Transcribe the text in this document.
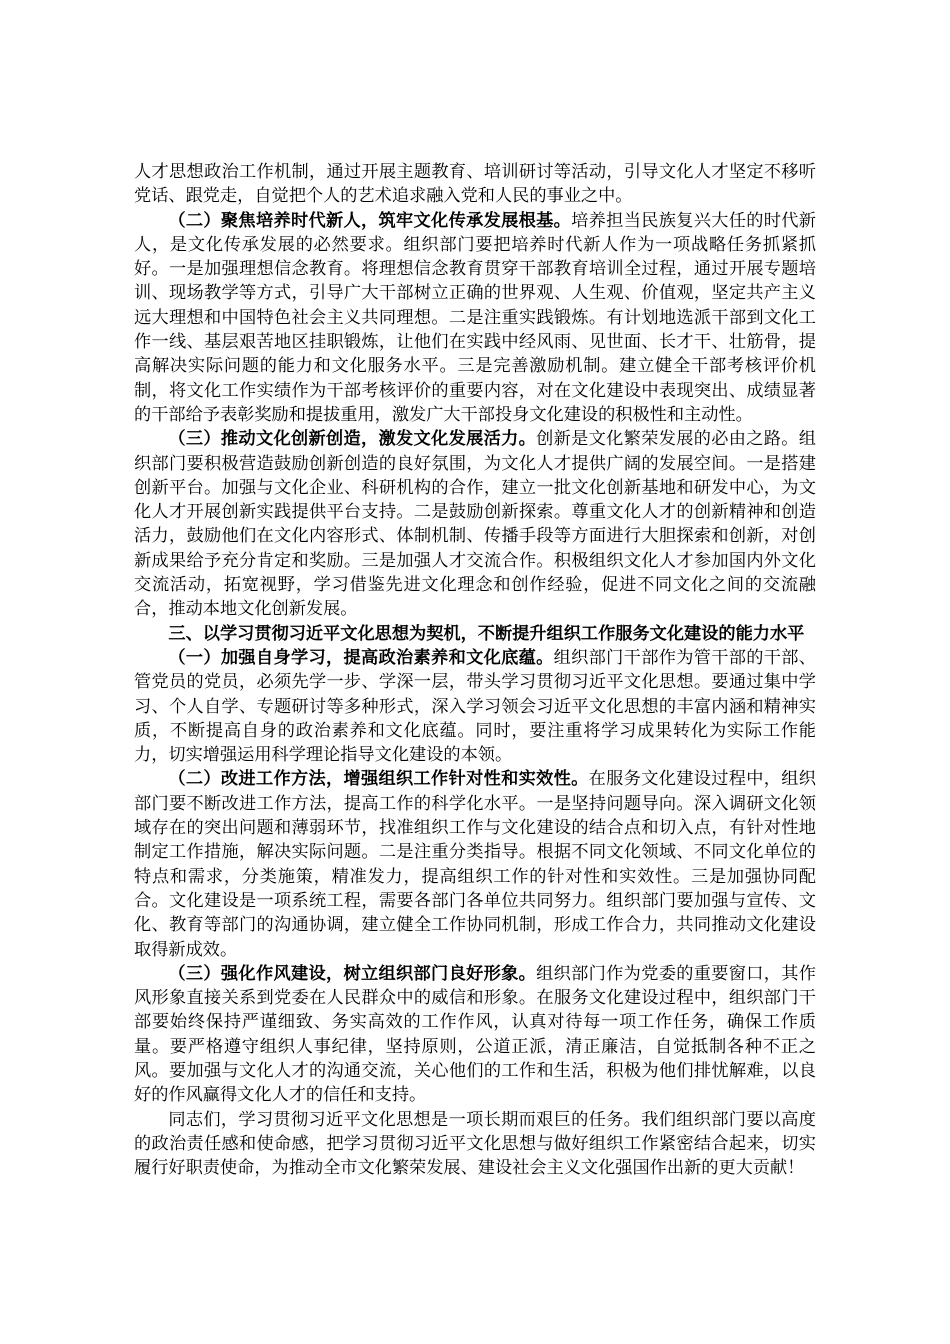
人才思想政治工作机制，通过开展主题教育、培训研讨等活动，引导文化人才坚定不移听党话、跟党走，自觉把个人的艺术追求融入党和人民的事业之中。

（二）聚焦培养时代新人，筑牢文化传承发展根基。培养担当民族复兴大任的时代新人，是文化传承发展的必然要求。组织部门要把培养时代新人作为一项战略任务抓紧抓好。一是加强理想信念教育。将理想信念教育贯穿干部教育培训全过程，通过开展专题培训、现场教学等方式，引导广大干部树立正确的世界观、人生观、价值观，坚定共产主义远大理想和中国特色社会主义共同理想。二是注重实践锻炼。有计划地选派干部到文化工作一线、基层艰苦地区挂职锻炼，让他们在实践中经风雨、见世面、长才干、壮筋骨，提高解决实际问题的能力和文化服务水平。三是完善激励机制。建立健全干部考核评价机制，将文化工作实绩作为干部考核评价的重要内容，对在文化建设中表现突出、成绩显著的干部给予表彰奖励和提拔重用，激发广大干部投身文化建设的积极性和主动性。

（三）推动文化创新创造，激发文化发展活力。创新是文化繁荣发展的必由之路。组织部门要积极营造鼓励创新创造的良好氛围，为文化人才提供广阔的发展空间。一是搭建创新平台。加强与文化企业、科研机构的合作，建立一批文化创新基地和研发中心，为文化人才开展创新实践提供平台支持。二是鼓励创新探索。尊重文化人才的创新精神和创造活力，鼓励他们在文化内容形式、体制机制、传播手段等方面进行大胆探索和创新，对创新成果给予充分肯定和奖励。三是加强人才交流合作。积极组织文化人才参加国内外文化交流活动，拓宽视野，学习借鉴先进文化理念和创作经验，促进不同文化之间的交流融合，推动本地文化创新发展。

三、以学习贯彻习近平文化思想为契机，不断提升组织工作服务文化建设的能力水平

（一）加强自身学习，提高政治素养和文化底蕴。组织部门干部作为管干部的干部、管党员的党员，必须先学一步、学深一层，带头学习贯彻习近平文化思想。要通过集中学习、个人自学、专题研讨等多种形式，深入学习领会习近平文化思想的丰富内涵和精神实质，不断提高自身的政治素养和文化底蕴。同时，要注重将学习成果转化为实际工作能力，切实增强运用科学理论指导文化建设的本领。

（二）改进工作方法，增强组织工作针对性和实效性。在服务文化建设过程中，组织部门要不断改进工作方法，提高工作的科学化水平。一是坚持问题导向。深入调研文化领域存在的突出问题和薄弱环节，找准组织工作与文化建设的结合点和切入点，有针对性地制定工作措施，解决实际问题。二是注重分类指导。根据不同文化领域、不同文化单位的特点和需求，分类施策，精准发力，提高组织工作的针对性和实效性。三是加强协同配合。文化建设是一项系统工程，需要各部门各单位共同努力。组织部门要加强与宣传、文化、教育等部门的沟通协调，建立健全工作协同机制，形成工作合力，共同推动文化建设取得新成效。

（三）强化作风建设，树立组织部门良好形象。组织部门作为党委的重要窗口，其作风形象直接关系到党委在人民群众中的威信和形象。在服务文化建设过程中，组织部门干部要始终保持严谨细致、务实高效的工作作风，认真对待每一项工作任务，确保工作质量。要严格遵守组织人事纪律，坚持原则，公道正派，清正廉洁，自觉抵制各种不正之风。要加强与文化人才的沟通交流，关心他们的工作和生活，积极为他们排忧解难，以良好的作风赢得文化人才的信任和支持。

同志们，学习贯彻习近平文化思想是一项长期而艰巨的任务。我们组织部门要以高度的政治责任感和使命感，把学习贯彻习近平文化思想与做好组织工作紧密结合起来，切实履行好职责使命，为推动全市文化繁荣发展、建设社会主义文化强国作出新的更大贡献！
